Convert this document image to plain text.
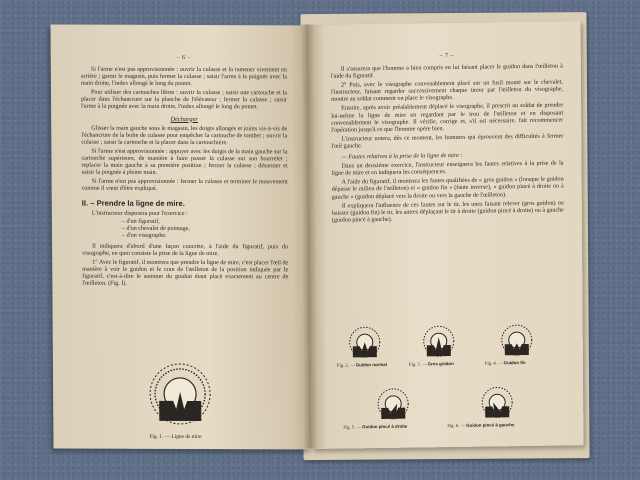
– 6 –

Si l'arme n'est pas approvisionnée : ouvrir la culasse et la ramener vivement en arrière ; garnir le magasin, puis fermer la culasse ; saisir l'arme à la poignée avec la main droite, l'index allongé le long du pontet.

Pour utiliser des cartouches libres : ouvrir la culasse ; saisir une cartouche et la placer dans l'échancrure sur la planche de l'élévateur ; fermer la culasse ; saisir l'arme à la poignée avec la main droite, l'index allongé le long du pontet.

Décharger

Glisser la main gauche sous le magasin, les doigts allongés et joints vis-à-vis de l'échancrure de la boîte de culasse pour empêcher la cartouche de tomber ; ouvrir la culasse ; saisir la cartouche et la placer dans la cartouchière.

Si l'arme n'est approvisionnée : appuyer avec les doigts de la main gauche sur la cartouche supérieure, de manière à faire passer la culasse sur son bourrelet ; replacer la main gauche à sa première position ; fermer la culasse ; désarmer et saisir la poignée à pleine main.

Si l'arme n'est pas approvisionnée : fermer la culasse et terminer le mouvement comme il vient d'être expliqué.

II. – Prendre la ligne de mire.

L'instructeur disposera pour l'exercice :

– d'un figuratif,
– d'un chevalet de pointage,
– d'un visographe.

Il indiquera d'abord d'une façon concrète, à l'aide du figuratif, puis du visographe, en quoi consiste la prise de la ligne de mire.

1° Avec le figuratif, il montrera que prendre la ligne de mire, c'est placer l'œil de manière à voir le guidon et le cran de l'œilleton de la position indiquée par le figuratif, c'est-à-dire le sommet du guidon étant placé exactement au centre de l'œilleton. (Fig. I).

Fig. 1. — Ligne de mire
– 7 –

Il s'assurera que l'homme a bien compris en lui faisant placer le guidon dans l'œilleton à l'aide du figuratif.

2° Puis, avec le visographe convenablement placé sur un fusil monté sur le chevalet, l'instructeur, faisant regarder successivement chaque tireur par l'œilleton du visographe, montre au soldat comment on place le visographe.

Ensuite, après avoir préalablement déplacé le visographe, il prescrit au soldat de prendre lui-même la ligne de mire en regardant par le trou de l'œilleton et en disposant convenablement le visographe. Il vérifie, corrige et, s'il est nécessaire, fait recommencer l'opération jusqu'à ce que l'homme opère bien.

L'instructeur notera, dès ce moment, les hommes qui éprouvent des difficultés à fermer l'œil gauche.

— Fautes relatives à la prise de la ligne de mire :

Dans un deuxième exercice, l'instructeur enseignera les fautes relatives à la prise de la ligne de mire et en indiquera les conséquences.

A l'aide du figuratif, il montrera les fautes qualifiées de « gros guidon » (lorsque le guidon dépasse le milieu de l'œilleton) et « guidon fin » (faute inverse), « guidon pincé à droite ou à gauche » (guidon déplacé vers la droite ou vers la gauche de l'œilleton).

Il expliquera l'influence de ces fautes sur le tir, les unes faisant relever (gros guidon) ou baisser (guidon fin) le tir, les autres déplaçant le tir à droite (guidon pincé à droite) ou à gauche (guidon pincé à gauche).

Fig. 2. — Guidon normal	Fig. 3. — Gros guidon	Fig. 4. — Guidon fin
Fig. 5. — Guidon pincé à droite	Fig. 6. — Guidon pincé à gauche
